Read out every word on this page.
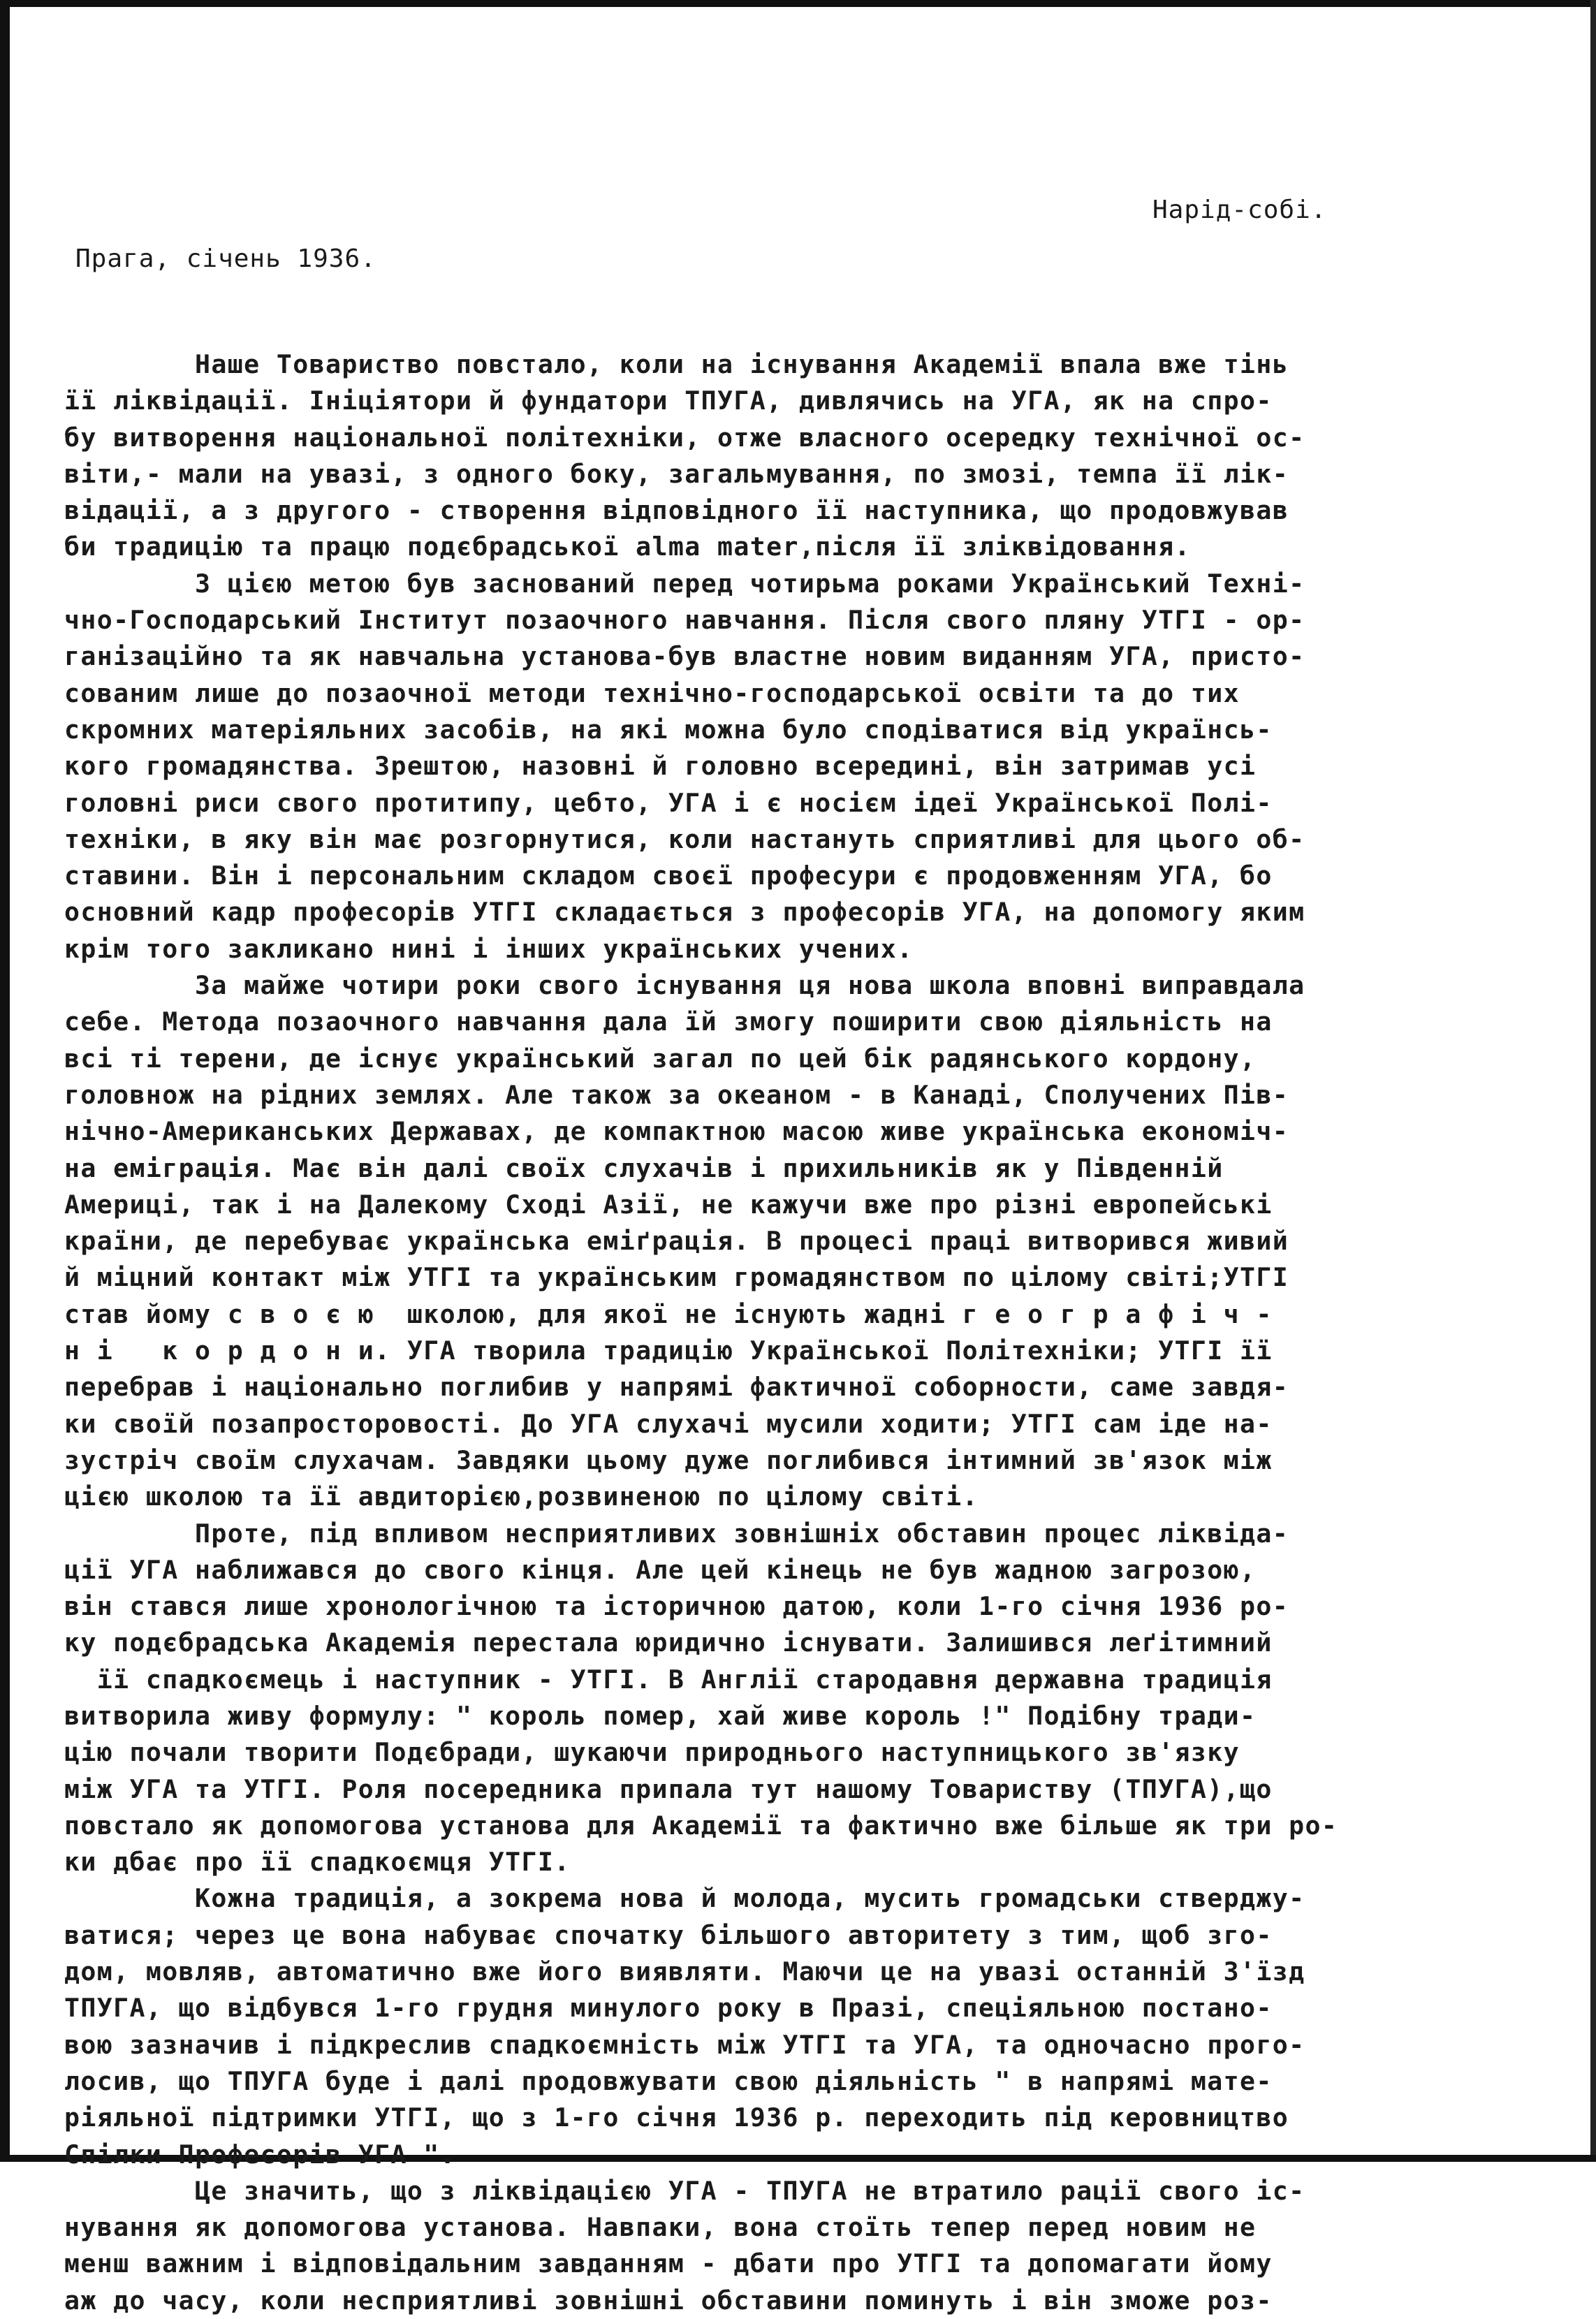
Нарід-собі.
Прага, січень 1936.
Наше Товариство повстало, коли на існування Академії впала вже тінь
її ліквідації. Ініціятори й фундатори ТПУГА, дивлячись на УГА, як на спро-
бу витворення національної політехніки, отже власного осередку технічної ос-
віти,- мали на увазі, з одного боку, загальмування, по змозі, темпа її лік-
відації, а з другого - створення відповідного її наступника, що продовжував
би традицію та працю подєбрадської alma mater,після її зліквідовання.
З цією метою був заснований перед чотирьма роками Український Техні-
чно-Господарський Інститут позаочного навчання. Після свого пляну УТГІ - ор-
ганізаційно та як навчальна установа-був властне новим виданням УГА, присто-
сованим лише до позаочної методи технічно-господарської освіти та до тих
скромних матеріяльних засобів, на які можна було сподіватися від українсь-
кого громадянства. Зрештою, назовні й головно всередині, він затримав усі
головні риси свого протитипу, цебто, УГА і є носієм ідеї Української Полі-
техніки, в яку він має розгорнутися, коли настануть сприятливі для цього об-
ставини. Він і персональним складом своєї професури є продовженням УГА, бо
основний кадр професорів УТГІ складається з професорів УГА, на допомогу яким
крім того закликано нині і інших українських учених.
За майже чотири роки свого існування ця нова школа вповні виправдала
себе. Метода позаочного навчання дала їй змогу поширити свою діяльність на
всі ті терени, де існує український загал по цей бік радянського кордону,
головнож на рідних землях. Але також за океаном - в Канаді, Сполучених Пів-
нічно-Американських Державах, де компактною масою живе українська економіч-
на еміграція. Має він далі своїх слухачів і прихильників як у Південній
Америці, так і на Далекому Сході Азії, не кажучи вже про різні европейські
країни, де перебуває українська еміґрація. В процесі праці витворився живий
й міцний контакт між УТГІ та українським громадянством по цілому світі;УТГІ
став йому с в о є ю  школою, для якої не існують жадні г е о г р а ф і ч -
н і   к о р д о н и. УГА творила традицію Української Політехніки; УТГІ її
перебрав і національно поглибив у напрямі фактичної соборности, саме завдя-
ки своїй позапросторовості. До УГА слухачі мусили ходити; УТГІ сам іде на-
зустріч своїм слухачам. Завдяки цьому дуже поглибився інтимний зв'язок між
цією школою та її авдиторією,розвиненою по цілому світі.
Проте, під впливом несприятливих зовнішніх обставин процес ліквіда-
ції УГА наближався до свого кінця. Але цей кінець не був жадною загрозою,
він стався лише хронологічною та історичною датою, коли 1-го січня 1936 ро-
ку подєбрадська Академія перестала юридично існувати. Залишився леґітимний
її спадкоємець і наступник - УТГІ. В Англії стародавня державна традиція
витворила живу формулу: " король помер, хай живе король !" Подібну тради-
цію почали творити Подєбради, шукаючи природнього наступницького зв'язку
між УГА та УТГІ. Роля посередника припала тут нашому Товариству (ТПУГА),що
повстало як допомогова установа для Академії та фактично вже більше як три ро-
ки дбає про її спадкоємця УТГІ.
Кожна традиція, а зокрема нова й молода, мусить громадськи стверджу-
ватися; через це вона набуває спочатку більшого авторитету з тим, щоб зго-
дом, мовляв, автоматично вже його виявляти. Маючи це на увазі останній З'їзд
ТПУГА, що відбувся 1-го грудня минулого року в Празі, спеціяльною постано-
вою зазначив і підкреслив спадкоємність між УТГІ та УГА, та одночасно прого-
лосив, що ТПУГА буде і далі продовжувати свою діяльність " в напрямі мате-
ріяльної підтримки УТГІ, що з 1-го січня 1936 р. переходить під керовництво
Спілки Професорів УГА ".
Це значить, що з ліквідацією УГА - ТПУГА не втратило рації свого іс-
нування як допомогова установа. Навпаки, вона стоїть тепер перед новим не
менш важним і відповідальним завданням - дбати про УТГІ та допомагати йому
аж до часу, коли несприятливі зовнішні обставини поминуть і він зможе роз-
